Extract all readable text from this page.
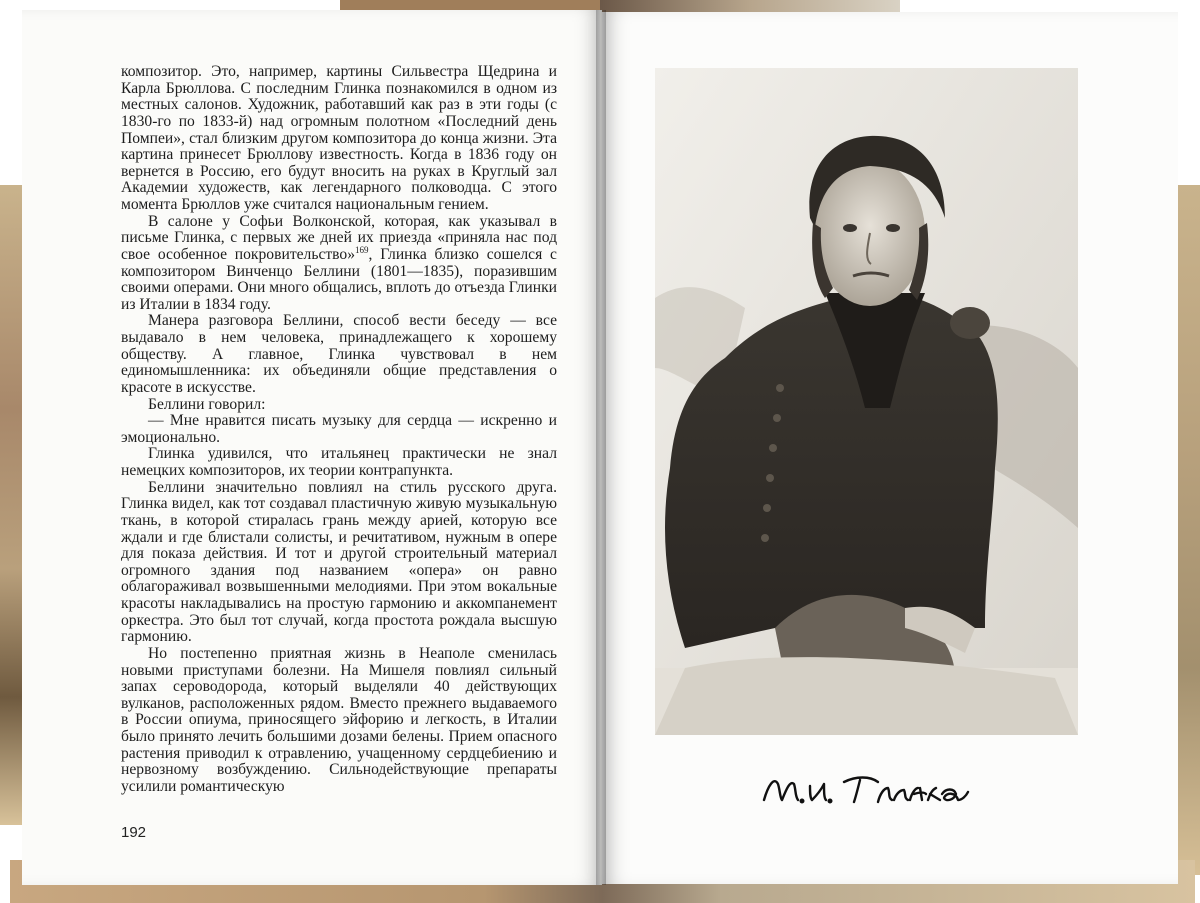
композитор. Это, например, картины Сильвестра Щедрина и Карла Брюллова. С последним Глинка познакомился в одном из местных салонов. Художник, работавший как раз в эти годы (с 1830-го по 1833-й) над огромным полотном «Последний день Помпеи», стал близким другом композитора до конца жизни. Эта картина принесет Брюллову известность. Когда в 1836 году он вернется в Россию, его будут вносить на руках в Круглый зал Академии художеств, как легендарного полководца. С этого момента Брюллов уже считался национальным гением.

В салоне у Софьи Волконской, которая, как указывал в письме Глинка, с первых же дней их приезда «приняла нас под свое особенное покровительство»$^{169}$, Глинка близко сошелся с композитором Винченцо Беллини (1801—1835), поразившим своими операми. Они много общались, вплоть до отъезда Глинки из Италии в 1834 году.

Манера разговора Беллини, способ вести беседу — все выдавало в нем человека, принадлежащего к хорошему обществу. А главное, Глинка чувствовал в нем единомышленника: их объединяли общие представления о красоте в искусстве.

Беллини говорил:

— Мне нравится писать музыку для сердца — искренно и эмоционально.

Глинка удивился, что итальянец практически не знал немецких композиторов, их теории контрапункта.

Беллини значительно повлиял на стиль русского друга. Глинка видел, как тот создавал пластичную живую музыкальную ткань, в которой стиралась грань между арией, которую все ждали и где блистали солисты, и речитативом, нужным в опере для показа действия. И тот и другой строительный материал огромного здания под названием «опера» он равно облагораживал возвышенными мелодиями. При этом вокальные красоты накладывались на простую гармонию и аккомпанемент оркестра. Это был тот случай, когда простота рождала высшую гармонию.

Но постепенно приятная жизнь в Неаполе сменилась новыми приступами болезни. На Мишеля повлиял сильный запах сероводорода, который выделяли 40 действующих вулканов, расположенных рядом. Вместо прежнего выдаваемого в России опиума, приносящего эйфорию и легкость, в Италии было принято лечить большими дозами белены. Прием опасного растения приводил к отравлению, учащенному сердцебиению и нервозному возбуждению. Сильнодействующие препараты усилили романтическую

192
